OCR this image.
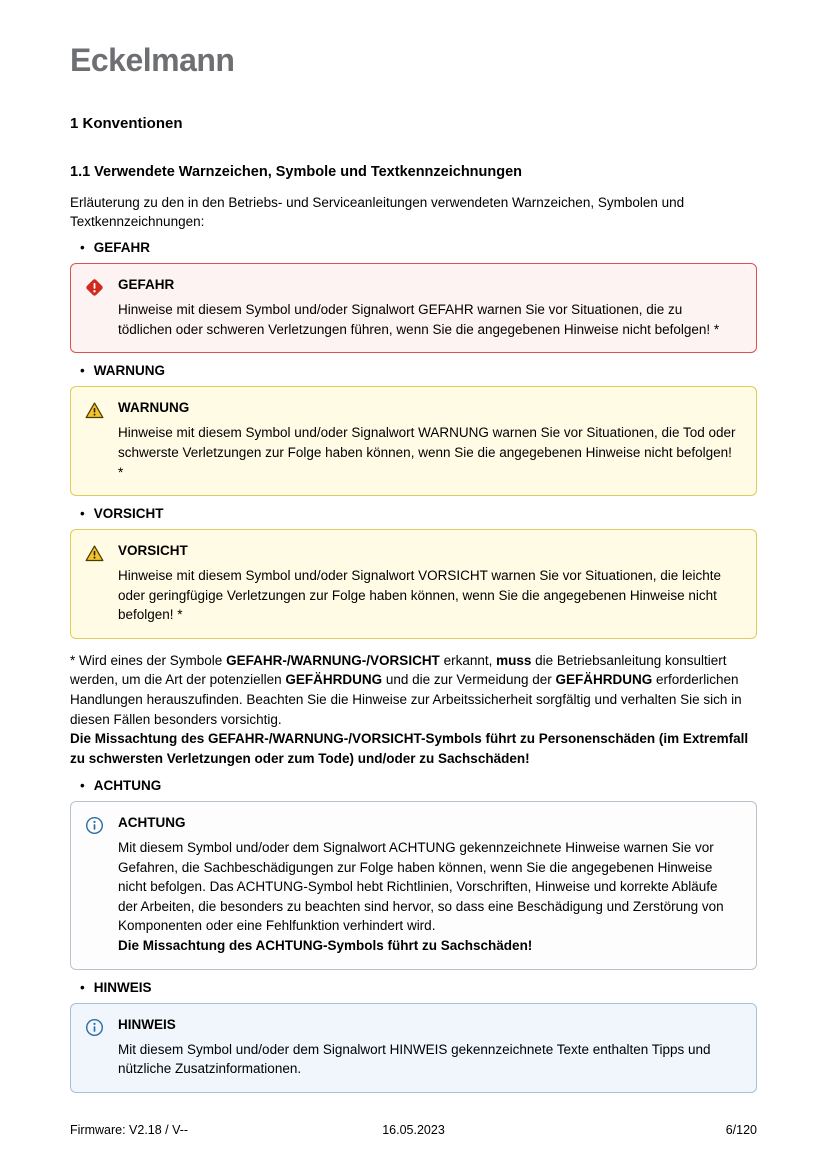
Eckelmann
1 Konventionen
1.1 Verwendete Warnzeichen, Symbole und Textkennzeichnungen

Erläuterung zu den in den Betriebs- und Serviceanleitungen verwendeten Warnzeichen, Symbolen und Textkennzeichnungen:

• GEFAHR
GEFAHR
Hinweise mit diesem Symbol und/oder Signalwort GEFAHR warnen Sie vor Situationen, die zu tödlichen oder schweren Verletzungen führen, wenn Sie die angegebenen Hinweise nicht befolgen! *
• WARNUNG
WARNUNG
Hinweise mit diesem Symbol und/oder Signalwort WARNUNG warnen Sie vor Situationen, die Tod oder schwerste Verletzungen zur Folge haben können, wenn Sie die angegebenen Hinweise nicht befolgen! *
• VORSICHT
VORSICHT
Hinweise mit diesem Symbol und/oder Signalwort VORSICHT warnen Sie vor Situationen, die leichte oder geringfügige Verletzungen zur Folge haben können, wenn Sie die angegebenen Hinweise nicht befolgen! *

* Wird eines der Symbole GEFAHR-/WARNUNG-/VORSICHT erkannt, muss die Betriebsanleitung konsultiert werden, um die Art der potenziellen GEFÄHRDUNG und die zur Vermeidung der GEFÄHRDUNG erforderlichen Handlungen herauszufinden. Beachten Sie die Hinweise zur Arbeitssicherheit sorgfältig und verhalten Sie sich in diesen Fällen besonders vorsichtig.

Die Missachtung des GEFAHR-/WARNUNG-/VORSICHT-Symbols führt zu Personenschäden (im Extremfall zu schwersten Verletzungen oder zum Tode) und/oder zu Sachschäden!

• ACHTUNG
ACHTUNG
Mit diesem Symbol und/oder dem Signalwort ACHTUNG gekennzeichnete Hinweise warnen Sie vor Gefahren, die Sachbeschädigungen zur Folge haben können, wenn Sie die angegebenen Hinweise nicht befolgen. Das ACHTUNG-Symbol hebt Richtlinien, Vorschriften, Hinweise und korrekte Abläufe der Arbeiten, die besonders zu beachten sind hervor, so dass eine Beschädigung und Zerstörung von Komponenten oder eine Fehlfunktion verhindert wird.
Die Missachtung des ACHTUNG-Symbols führt zu Sachschäden!
• HINWEIS
HINWEIS
Mit diesem Symbol und/oder dem Signalwort HINWEIS gekennzeichnete Texte enthalten Tipps und nützliche Zusatzinformationen.
Firmware: V2.18 / V--	16.05.2023	6/120
